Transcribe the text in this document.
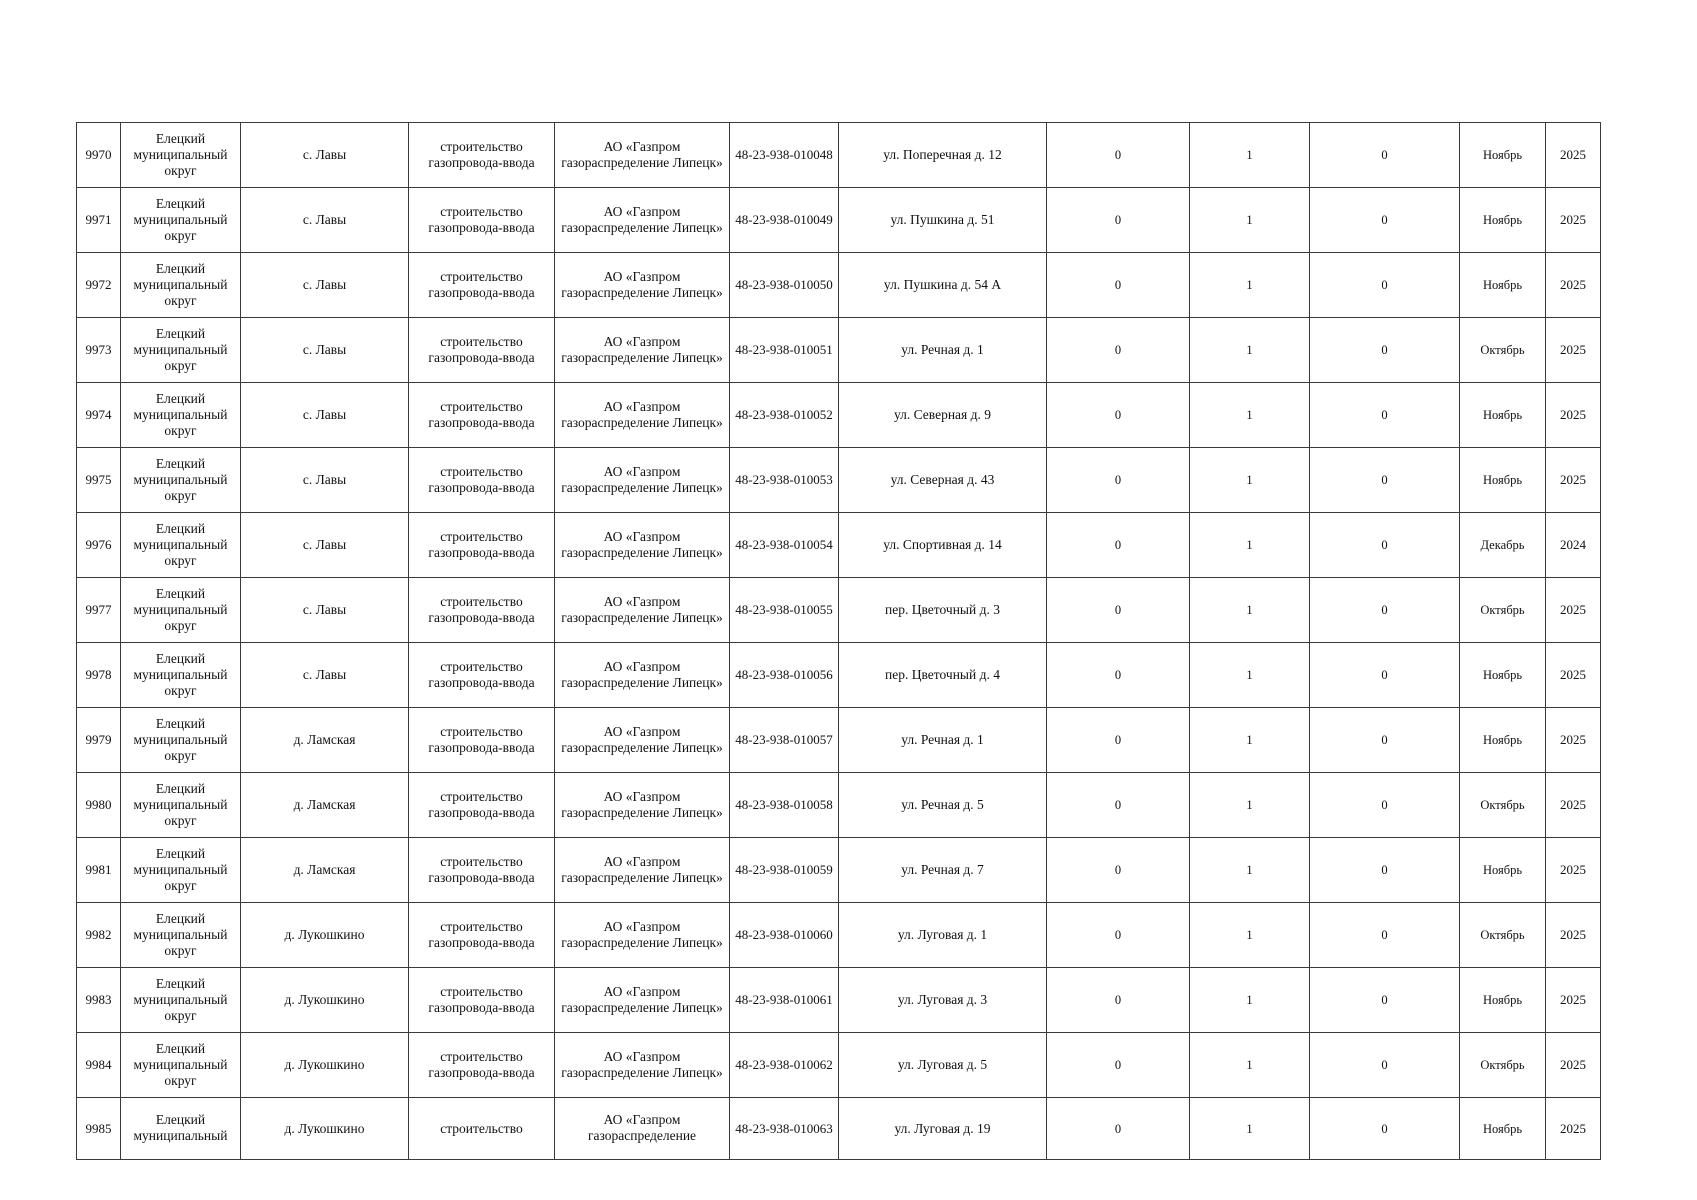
9970	Елецкий муниципальный округ	с. Лавы	строительство газопровода-ввода	АО «Газпром газораспределение Липецк»	48-23-938-010048	ул. Поперечная д. 12	0	1	0	Ноябрь	2025
9971	Елецкий муниципальный округ	с. Лавы	строительство газопровода-ввода	АО «Газпром газораспределение Липецк»	48-23-938-010049	ул. Пушкина д. 51	0	1	0	Ноябрь	2025
9972	Елецкий муниципальный округ	с. Лавы	строительство газопровода-ввода	АО «Газпром газораспределение Липецк»	48-23-938-010050	ул. Пушкина д. 54 А	0	1	0	Ноябрь	2025
9973	Елецкий муниципальный округ	с. Лавы	строительство газопровода-ввода	АО «Газпром газораспределение Липецк»	48-23-938-010051	ул. Речная д. 1	0	1	0	Октябрь	2025
9974	Елецкий муниципальный округ	с. Лавы	строительство газопровода-ввода	АО «Газпром газораспределение Липецк»	48-23-938-010052	ул. Северная д. 9	0	1	0	Ноябрь	2025
9975	Елецкий муниципальный округ	с. Лавы	строительство газопровода-ввода	АО «Газпром газораспределение Липецк»	48-23-938-010053	ул. Северная д. 43	0	1	0	Ноябрь	2025
9976	Елецкий муниципальный округ	с. Лавы	строительство газопровода-ввода	АО «Газпром газораспределение Липецк»	48-23-938-010054	ул. Спортивная д. 14	0	1	0	Декабрь	2024
9977	Елецкий муниципальный округ	с. Лавы	строительство газопровода-ввода	АО «Газпром газораспределение Липецк»	48-23-938-010055	пер. Цветочный д. 3	0	1	0	Октябрь	2025
9978	Елецкий муниципальный округ	с. Лавы	строительство газопровода-ввода	АО «Газпром газораспределение Липецк»	48-23-938-010056	пер. Цветочный д. 4	0	1	0	Ноябрь	2025
9979	Елецкий муниципальный округ	д. Ламская	строительство газопровода-ввода	АО «Газпром газораспределение Липецк»	48-23-938-010057	ул. Речная д. 1	0	1	0	Ноябрь	2025
9980	Елецкий муниципальный округ	д. Ламская	строительство газопровода-ввода	АО «Газпром газораспределение Липецк»	48-23-938-010058	ул. Речная д. 5	0	1	0	Октябрь	2025
9981	Елецкий муниципальный округ	д. Ламская	строительство газопровода-ввода	АО «Газпром газораспределение Липецк»	48-23-938-010059	ул. Речная д. 7	0	1	0	Ноябрь	2025
9982	Елецкий муниципальный округ	д. Лукошкино	строительство газопровода-ввода	АО «Газпром газораспределение Липецк»	48-23-938-010060	ул. Луговая д. 1	0	1	0	Октябрь	2025
9983	Елецкий муниципальный округ	д. Лукошкино	строительство газопровода-ввода	АО «Газпром газораспределение Липецк»	48-23-938-010061	ул. Луговая д. 3	0	1	0	Ноябрь	2025
9984	Елецкий муниципальный округ	д. Лукошкино	строительство газопровода-ввода	АО «Газпром газораспределение Липецк»	48-23-938-010062	ул. Луговая д. 5	0	1	0	Октябрь	2025
9985	Елецкий муниципальный	д. Лукошкино	строительство	АО «Газпром газораспределение	48-23-938-010063	ул. Луговая д. 19	0	1	0	Ноябрь	2025
